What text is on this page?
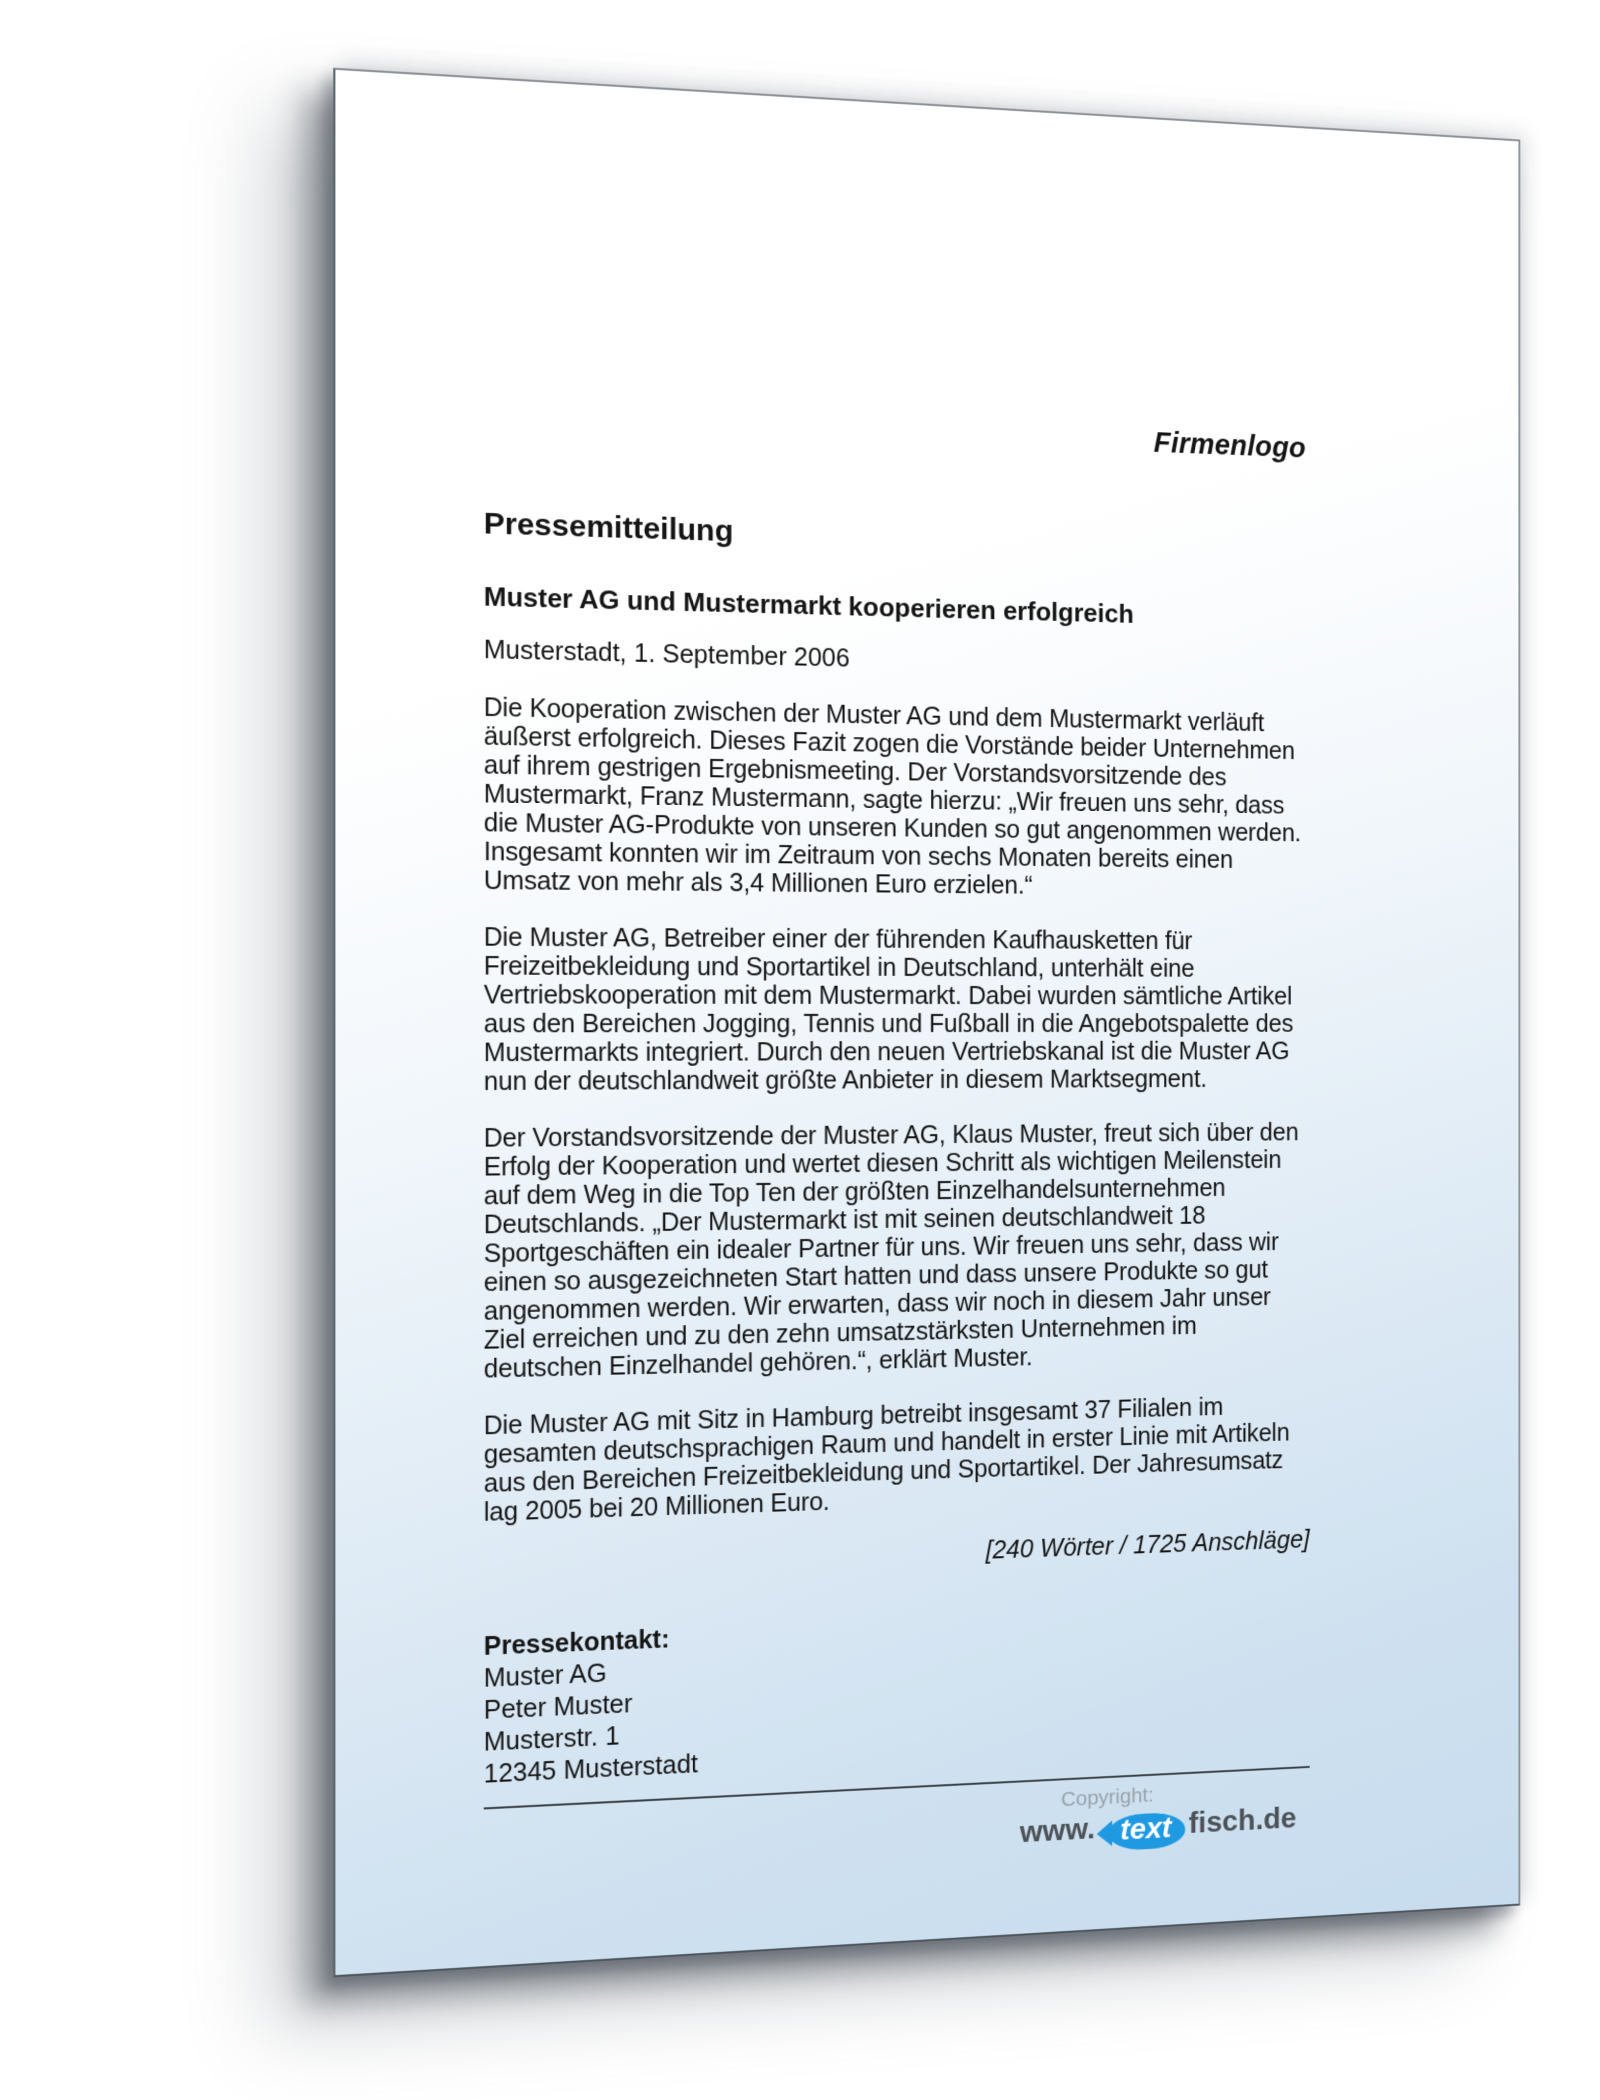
Firmenlogo
Pressemitteilung
Muster AG und Mustermarkt kooperieren erfolgreich
Musterstadt, 1. September 2006

Die Kooperation zwischen der Muster AG und dem Mustermarkt verläuft äußerst erfolgreich. Dieses Fazit zogen die Vorstände beider Unternehmen auf ihrem gestrigen Ergebnismeeting. Der Vorstandsvorsitzende des Mustermarkt, Franz Mustermann, sagte hierzu: „Wir freuen uns sehr, dass die Muster AG-Produkte von unseren Kunden so gut angenommen werden. Insgesamt konnten wir im Zeitraum von sechs Monaten bereits einen Umsatz von mehr als 3,4 Millionen Euro erzielen.“

Die Muster AG, Betreiber einer der führenden Kaufhausketten für Freizeitbekleidung und Sportartikel in Deutschland, unterhält eine Vertriebskooperation mit dem Mustermarkt. Dabei wurden sämtliche Artikel aus den Bereichen Jogging, Tennis und Fußball in die Angebotspalette des Mustermarkts integriert. Durch den neuen Vertriebskanal ist die Muster AG nun der deutschlandweit größte Anbieter in diesem Marktsegment.

Der Vorstandsvorsitzende der Muster AG, Klaus Muster, freut sich über den Erfolg der Kooperation und wertet diesen Schritt als wichtigen Meilenstein auf dem Weg in die Top Ten der größten Einzelhandelsunternehmen Deutschlands. „Der Mustermarkt ist mit seinen deutschlandweit 18 Sportgeschäften ein idealer Partner für uns. Wir freuen uns sehr, dass wir einen so ausgezeichneten Start hatten und dass unsere Produkte so gut angenommen werden. Wir erwarten, dass wir noch in diesem Jahr unser Ziel erreichen und zu den zehn umsatzstärksten Unternehmen im deutschen Einzelhandel gehören.“, erklärt Muster.

Die Muster AG mit Sitz in Hamburg betreibt insgesamt 37 Filialen im gesamten deutschsprachigen Raum und handelt in erster Linie mit Artikeln aus den Bereichen Freizeitbekleidung und Sportartikel. Der Jahresumsatz lag 2005 bei 20 Millionen Euro.

[240 Wörter / 1725 Anschläge]
Pressekontakt:
Muster AG
Peter Muster
Musterstr. 1
12345 Musterstadt
Copyright:
www. text fisch.de
